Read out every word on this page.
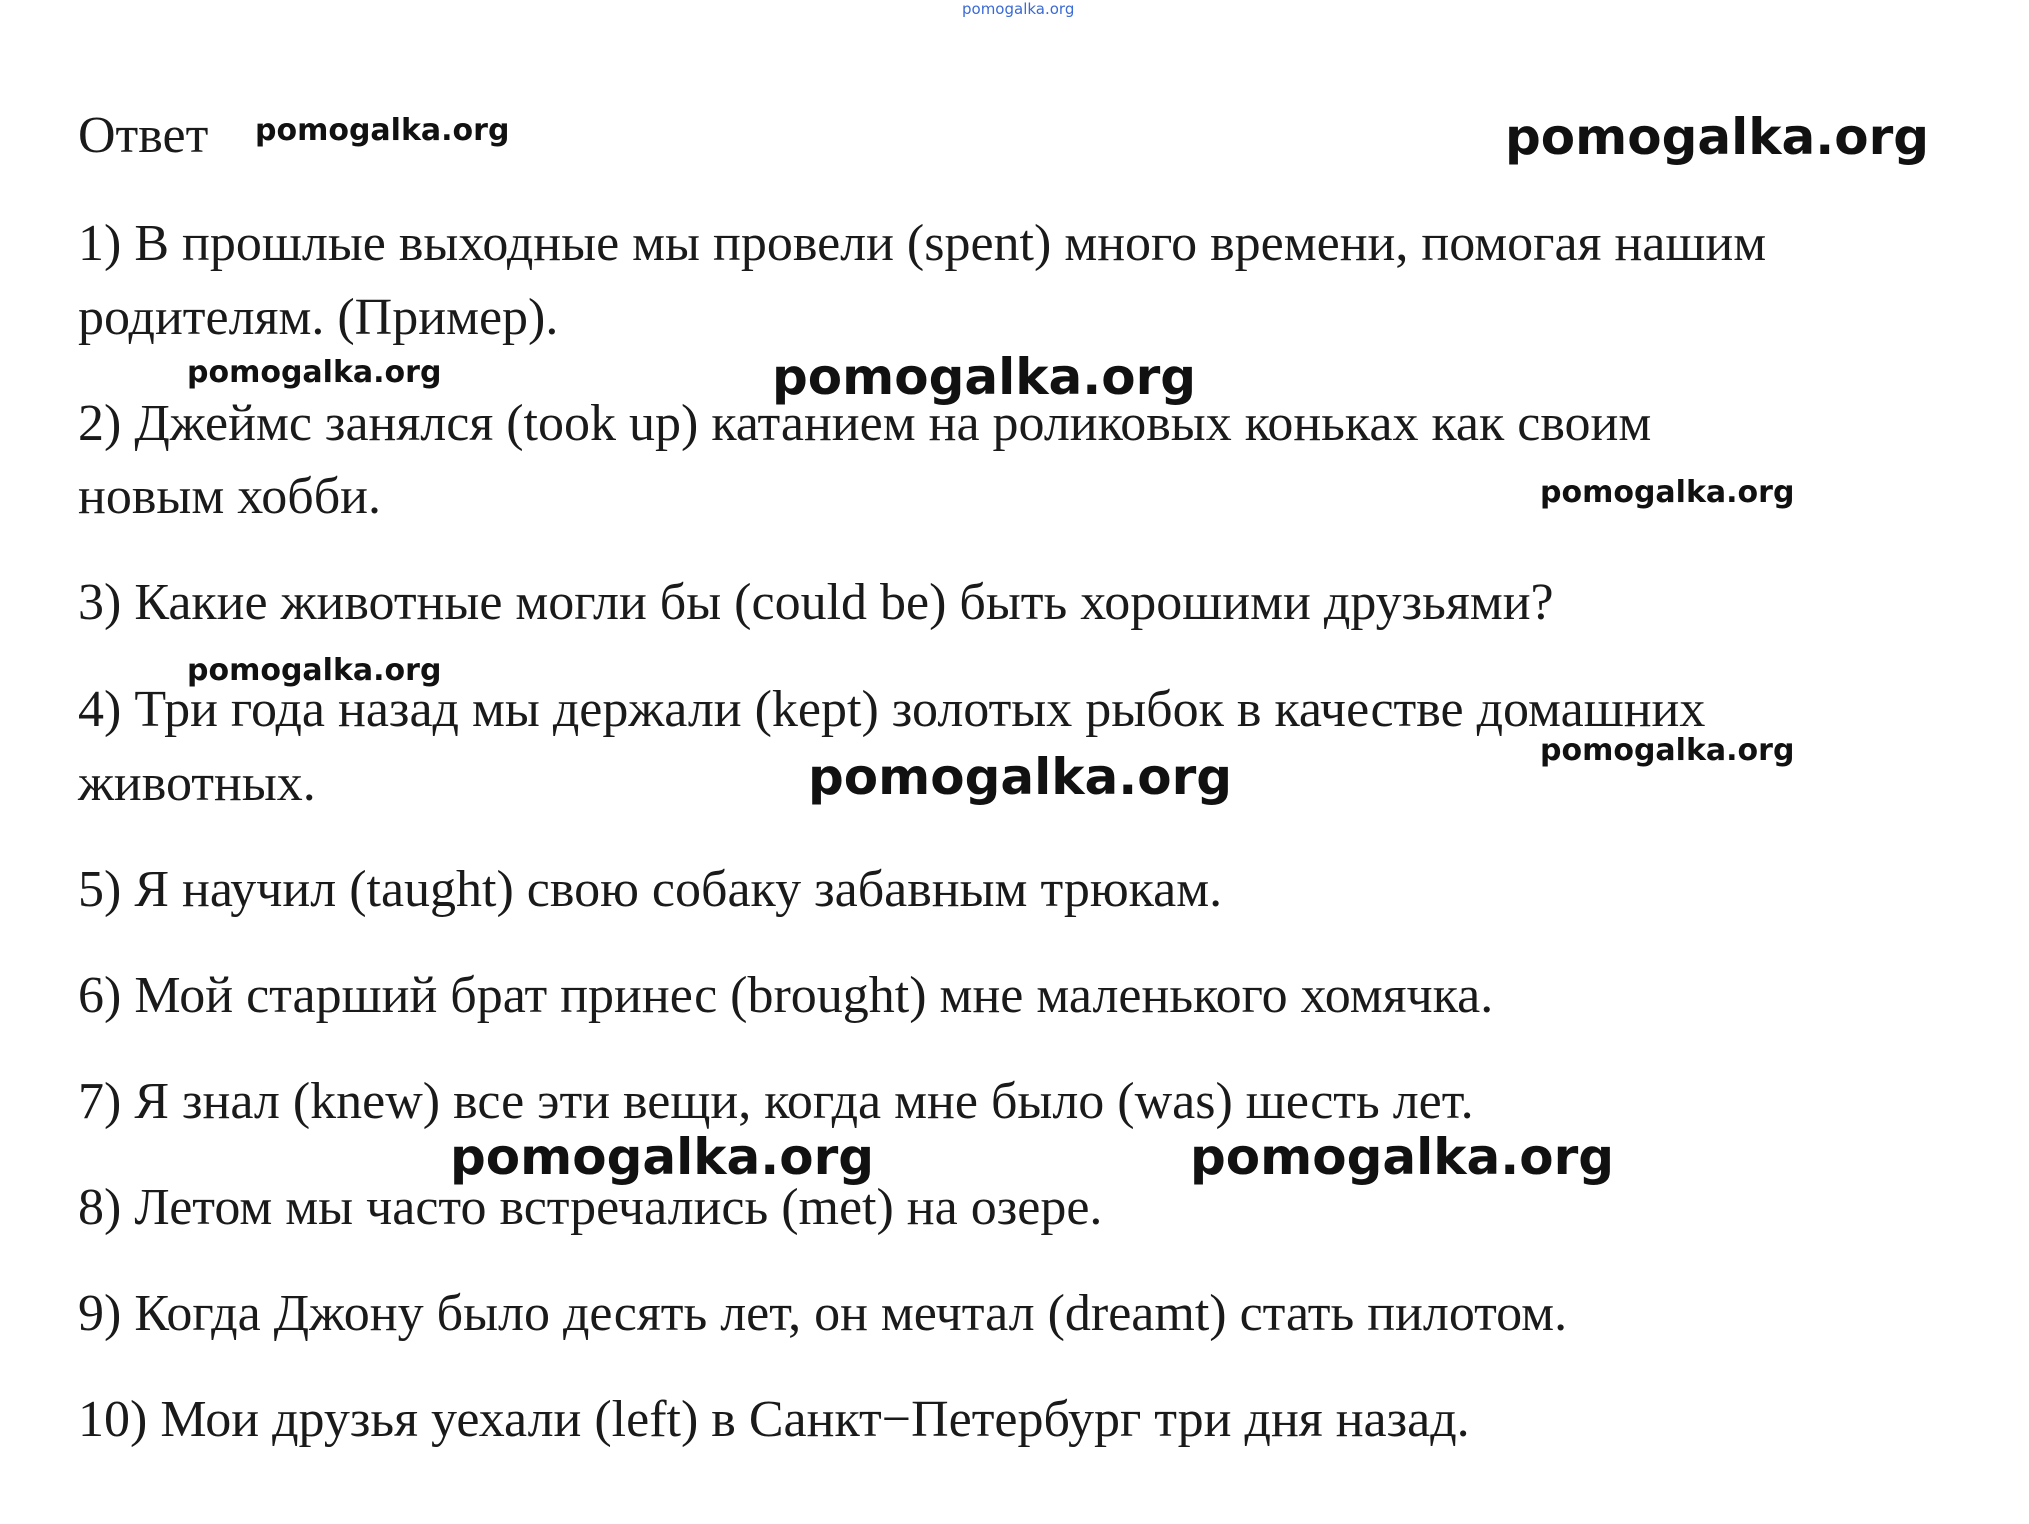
pomogalka.org
Ответ pomogalka.org	pomogalka.org
pomogalka.org	pomogalka.org
pomogalka.org
pomogalka.org
pomogalka.org
pomogalka.org
pomogalka.org	pomogalka.org
1) В прошлые выходные мы провели (spent) много времени, помогая нашим
родителям. (Пример).
2) Джеймс занялся (took up) катанием на роликовых коньках как своим
новым хобби.
3) Какие животные могли бы (could be) быть хорошими друзьями?
4) Три года назад мы держали (kept) золотых рыбок в качестве домашних
животных.
5) Я научил (taught) свою собаку забавным трюкам.
6) Мой старший брат принес (brought) мне маленького хомячка.
7) Я знал (knew) все эти вещи, когда мне было (was) шесть лет.
8) Летом мы часто встречались (met) на озере.
9) Когда Джону было десять лет, он мечтал (dreamt) стать пилотом.
10) Мои друзья уехали (left) в Санкт−Петербург три дня назад.
